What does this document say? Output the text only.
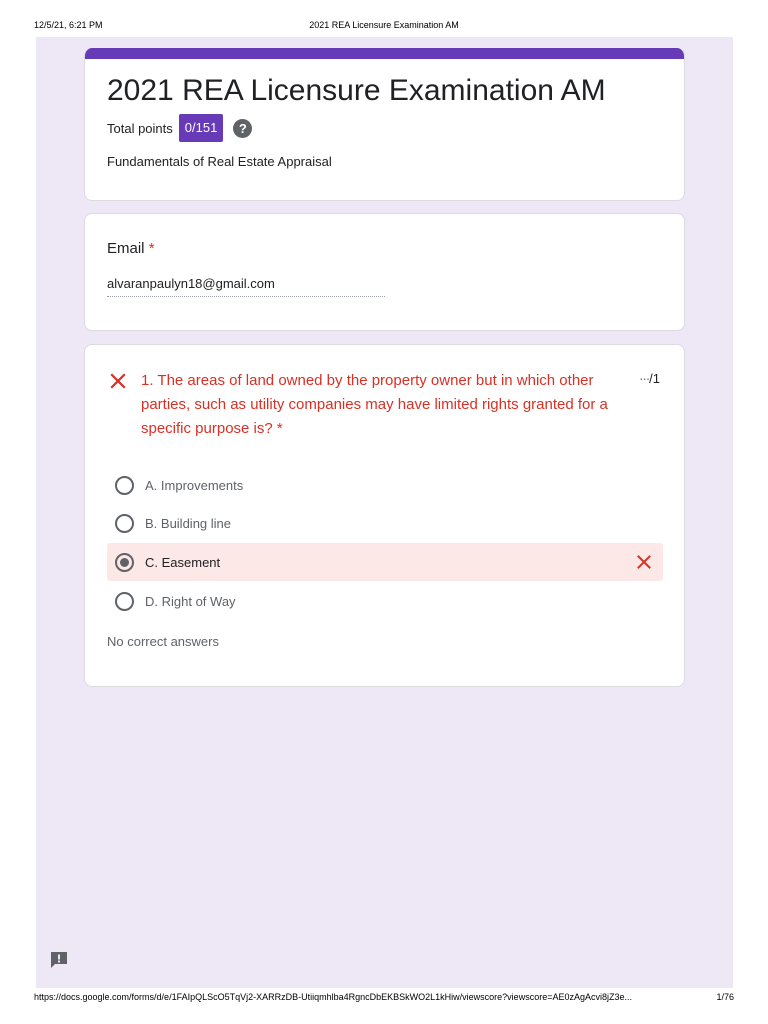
12/5/21, 6:21 PM	2021 REA Licensure Examination AM
2021 REA Licensure Examination AM
Total points 0/151	?
Fundamentals of Real Estate Appraisal
Email *
alvaranpaulyn18@gmail.com
1. The areas of land owned by the property owner but in which other parties, such as utility companies may have limited rights granted for a specific purpose is? *
···/1
A. Improvements
B. Building line
C. Easement
D. Right of Way
No correct answers
https://docs.google.com/forms/d/e/1FAIpQLScO5TqVj2-XARRzDB-Utiiqmhlba4RgncDbEKBSkWO2L1kHiw/viewscore?viewscore=AE0zAgAcvi8jZ3e...	1/76
